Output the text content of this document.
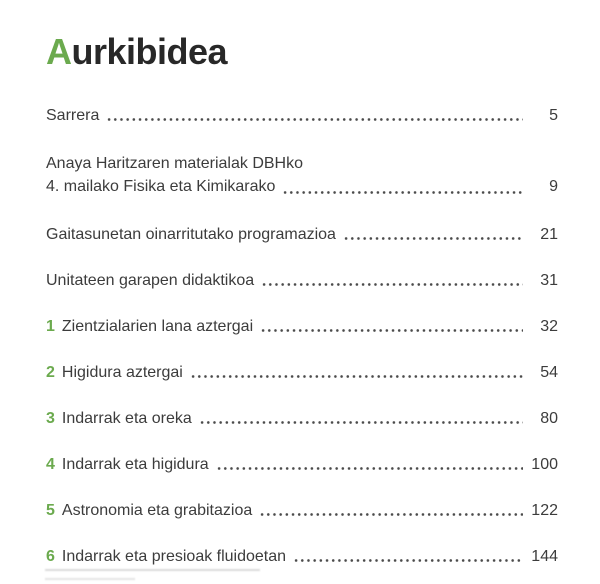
Aurkibidea
Sarrera	5
Anaya Haritzaren materialak DBHko
4. mailako Fisika eta Kimikarako	9
Gaitasunetan oinarritutako programazioa	21
Unitateen garapen didaktikoa	31
1 Zientzialarien lana aztergai	32
2 Higidura aztergai	54
3 Indarrak eta oreka	80
4 Indarrak eta higidura	100
5 Astronomia eta grabitazioa	122
6 Indarrak eta presioak fluidoetan	144
